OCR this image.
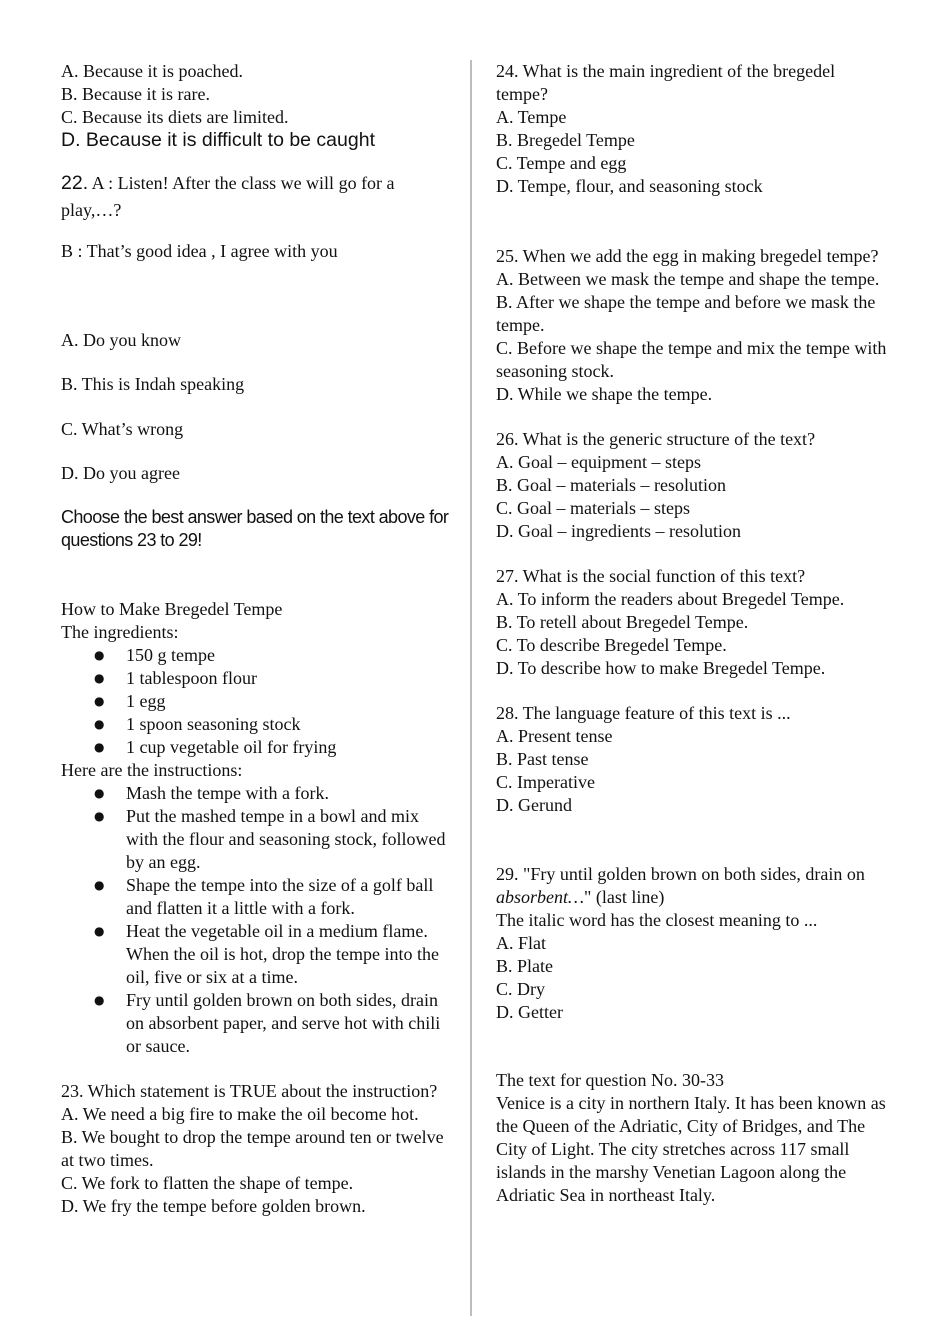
A. Because it is poached.

B. Because it is rare.

C. Because its diets are limited.

D. Because it is difficult to be caught

22. A : Listen! After the class we will go for a play,…?

B : That’s good idea , I agree with you

A. Do you know

B. This is Indah speaking

C. What’s wrong

D. Do you agree

Choose the best answer based on the text above for questions 23 to 29!

How to Make Bregedel Tempe

The ingredients:

● 150 g tempe
● 1 tablespoon flour
● 1 egg
● 1 spoon seasoning stock
● 1 cup vegetable oil for frying

Here are the instructions:

● Mash the tempe with a fork.
● Put the mashed tempe in a bowl and mix with the flour and seasoning stock, followed by an egg.
● Shape the tempe into the size of a golf ball and flatten it a little with a fork.
● Heat the vegetable oil in a medium flame. When the oil is hot, drop the tempe into the oil, five or six at a time.
● Fry until golden brown on both sides, drain on absorbent paper, and serve hot with chili or sauce.

23. Which statement is TRUE about the instruction?

A. We need a big fire to make the oil become hot.

B. We bought to drop the tempe around ten or twelve at two times.

C. We fork to flatten the shape of tempe.

D. We fry the tempe before golden brown.

24. What is the main ingredient of the bregedel tempe?

A. Tempe

B. Bregedel Tempe

C. Tempe and egg

D. Tempe, flour, and seasoning stock

25. When we add the egg in making bregedel tempe?

A. Between we mask the tempe and shape the tempe.

B. After we shape the tempe and before we mask the tempe.

C. Before we shape the tempe and mix the tempe with seasoning stock.

D. While we shape the tempe.

26. What is the generic structure of the text?

A. Goal – equipment – steps

B. Goal – materials – resolution

C. Goal – materials – steps

D. Goal – ingredients – resolution

27. What is the social function of this text?

A. To inform the readers about Bregedel Tempe.

B. To retell about Bregedel Tempe.

C. To describe Bregedel Tempe.

D. To describe how to make Bregedel Tempe.

28. The language feature of this text is ...

A. Present tense

B. Past tense

C. Imperative

D. Gerund

29. "Fry until golden brown on both sides, drain on absorbent…" (last line)

The italic word has the closest meaning to ...

A. Flat

B. Plate

C. Dry

D. Getter

The text for question No. 30-33

Venice is a city in northern Italy. It has been known as the Queen of the Adriatic, City of Bridges, and The City of Light. The city stretches across 117 small islands in the marshy Venetian Lagoon along the Adriatic Sea in northeast Italy.
